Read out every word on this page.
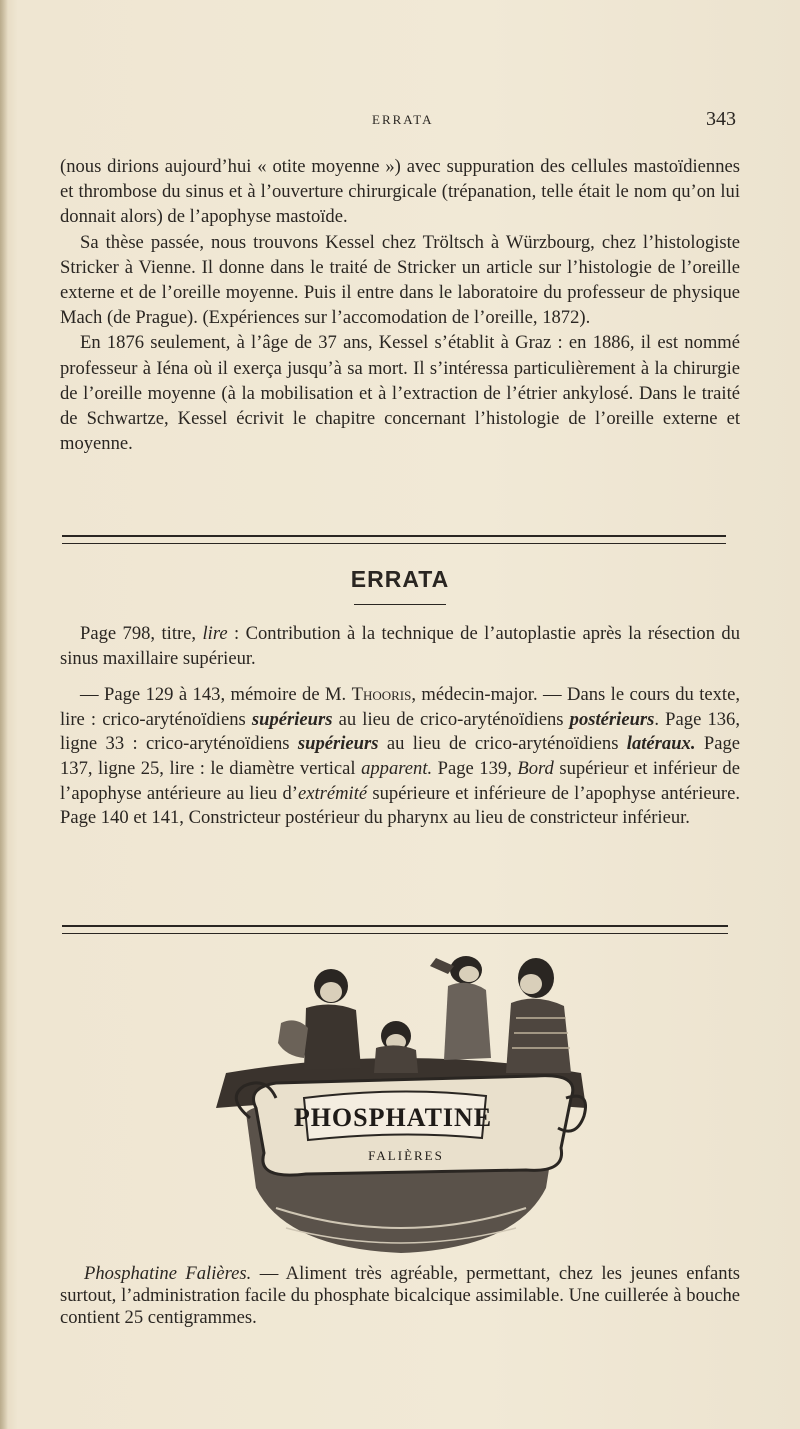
ERRATA	343

(nous dirions aujourd’hui « otite moyenne ») avec suppuration des cellules mastoïdiennes et thrombose du sinus et à l’ouverture chirurgicale (trépanation, telle était le nom qu’on lui donnait alors) de l’apophyse mastoïde.

Sa thèse passée, nous trouvons Kessel chez Tröltsch à Würzbourg, chez l’histologiste Stricker à Vienne. Il donne dans le traité de Stricker un article sur l’histologie de l’oreille externe et de l’oreille moyenne. Puis il entre dans le laboratoire du professeur de physique Mach (de Prague). (Expériences sur l’accomodation de l’oreille, 1872).

En 1876 seulement, à l’âge de 37 ans, Kessel s’établit à Graz : en 1886, il est nommé professeur à Iéna où il exerça jusqu’à sa mort. Il s’intéressa particulièrement à la chirurgie de l’oreille moyenne (à la mobilisation et à l’extraction de l’étrier ankylosé. Dans le traité de Schwartze, Kessel écrivit le chapitre concernant l’histologie de l’oreille externe et moyenne.

ERRATA

Page 798, titre, lire : Contribution à la technique de l’autoplastie après la résection du sinus maxillaire supérieur.

— Page 129 à 143, mémoire de M. Thooris, médecin-major. — Dans le cours du texte, lire : crico-aryténoïdiens supérieurs au lieu de crico-aryténoïdiens postérieurs. Page 136, ligne 33 : crico-aryténoïdiens supérieurs au lieu de crico-aryténoïdiens latéraux. Page 137, ligne 25, lire : le diamètre vertical apparent. Page 139, Bord supérieur et inférieur de l’apophyse antérieure au lieu d’extrémité supérieure et inférieure de l’apophyse antérieure. Page 140 et 141, Constricteur postérieur du pharynx au lieu de constricteur inférieur.

PHOSPHATINE
FALIÈRES

Phosphatine Falières. — Aliment très agréable, permettant, chez les jeunes enfants surtout, l’administration facile du phosphate bicalcique assimilable. Une cuillerée à bouche contient 25 centigrammes.
